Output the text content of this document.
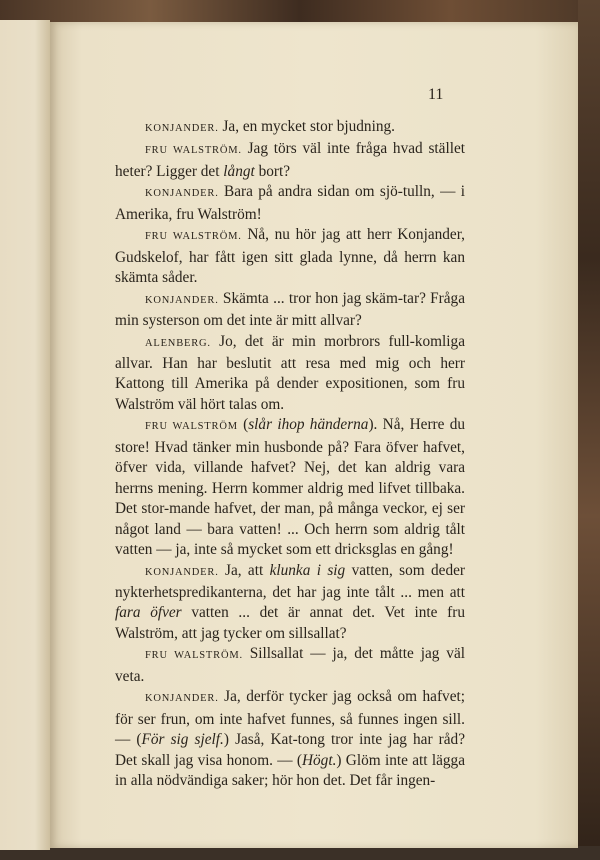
11

KONJANDER. Ja, en mycket stor bjudning.

FRU WALSTRÖM. Jag törs väl inte fråga hvad stället heter? Ligger det långt bort?

KONJANDER. Bara på andra sidan om sjö-tulln, — i Amerika, fru Walström!

FRU WALSTRÖM. Nå, nu hör jag att herr Konjander, Gudskelof, har fått igen sitt glada lynne, då herrn kan skämta såder.

KONJANDER. Skämta ... tror hon jag skäm-tar? Fråga min systerson om det inte är mitt allvar?

ALENBERG. Jo, det är min morbrors full-komliga allvar. Han har beslutit att resa med mig och herr Kattong till Amerika på dender expositionen, som fru Walström väl hört talas om.

FRU WALSTRÖM (slår ihop händerna). Nå, Herre du store! Hvad tänker min husbonde på? Fara öfver hafvet, öfver vida, villande hafvet? Nej, det kan aldrig vara herrns mening. Herrn kommer aldrig med lifvet tillbaka. Det stor-mande hafvet, der man, på många veckor, ej ser något land — bara vatten! ... Och herrn som aldrig tålt vatten — ja, inte så mycket som ett dricksglas en gång!

KONJANDER. Ja, att klunka i sig vatten, som deder nykterhetspredikanterna, det har jag inte tålt ... men att fara öfver vatten ... det är annat det. Vet inte fru Walström, att jag tycker om sillsallat?

FRU WALSTRÖM. Sillsallat — ja, det måtte jag väl veta.

KONJANDER. Ja, derför tycker jag också om hafvet; för ser frun, om inte hafvet funnes, så funnes ingen sill. — (För sig sjelf.) Jaså, Kat-tong tror inte jag har råd? Det skall jag visa honom. — (Högt.) Glöm inte att lägga in alla nödvändiga saker; hör hon det. Det får ingen-
